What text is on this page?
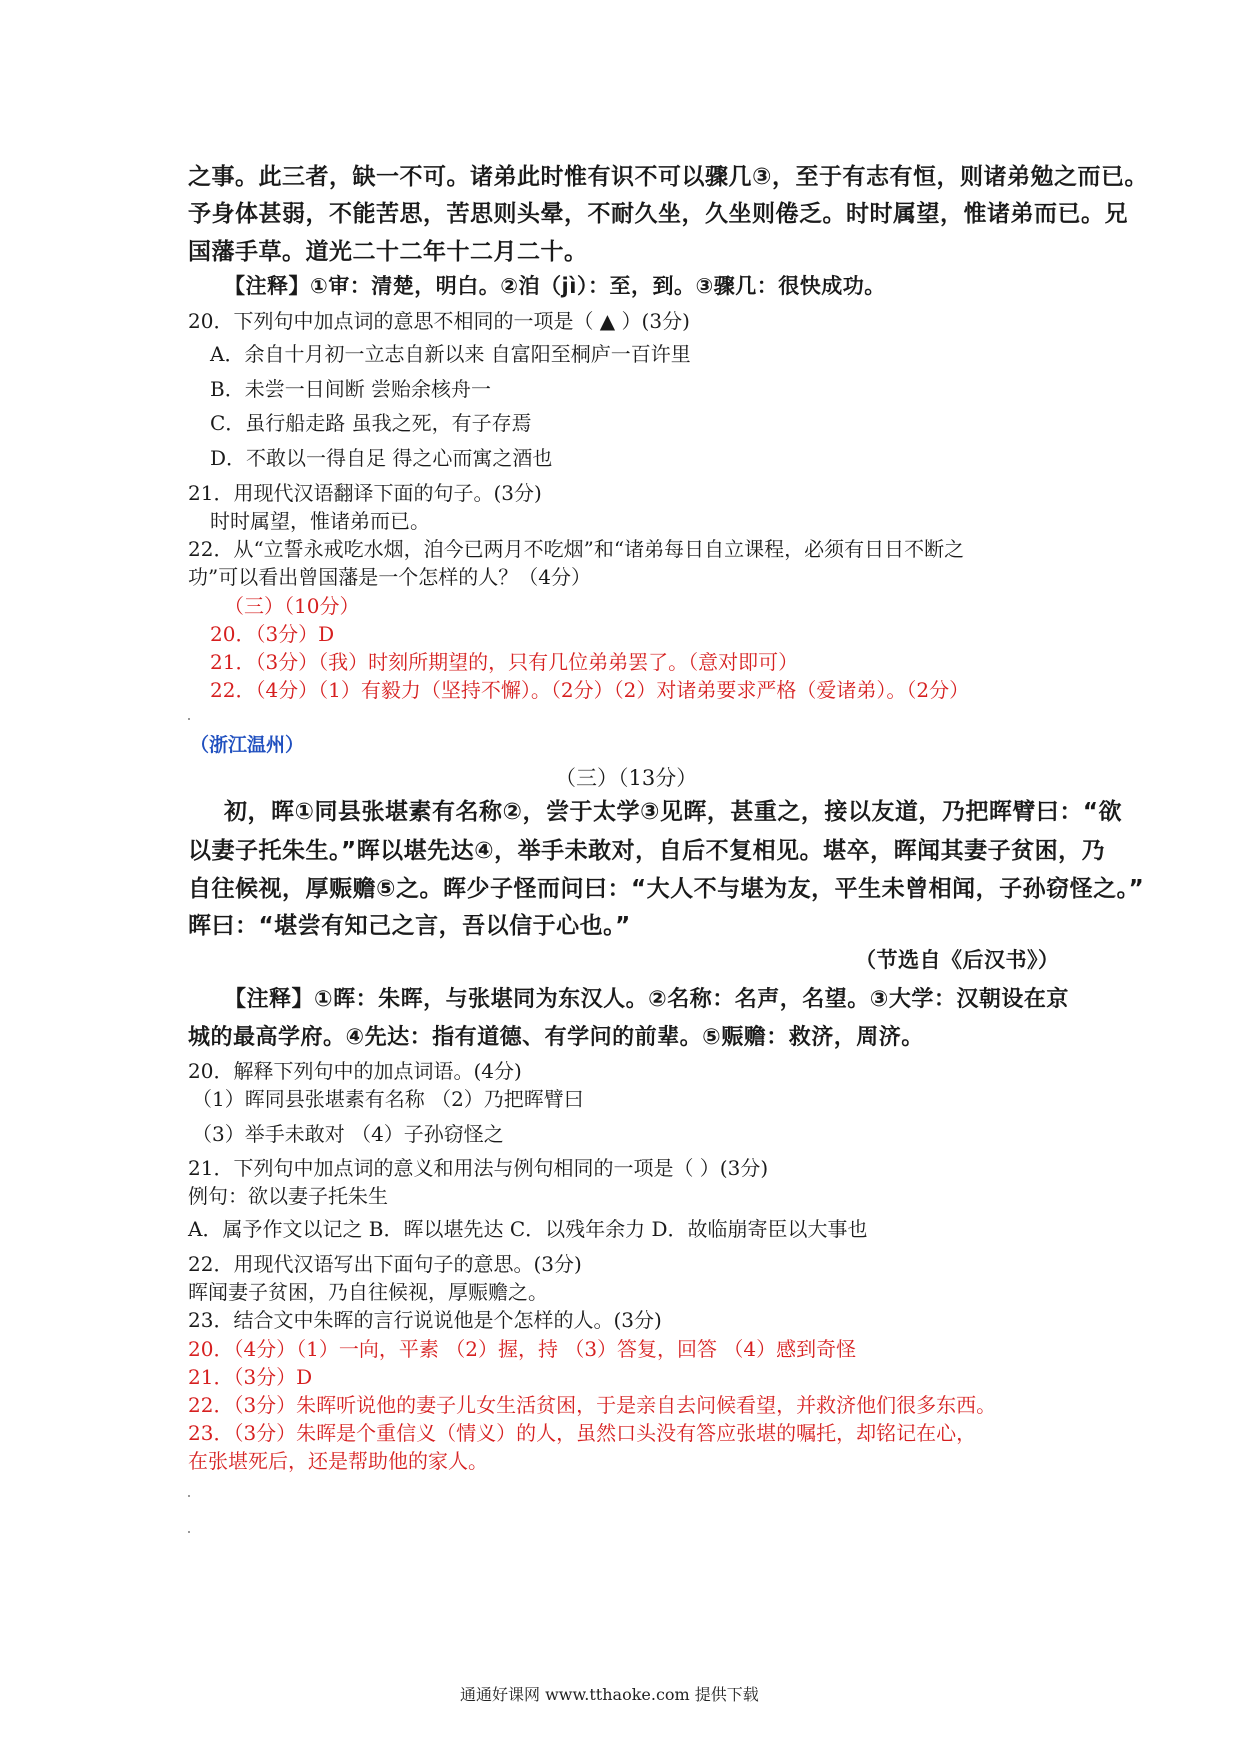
之事。此三者，缺一不可。诸弟此时惟有识不可以骤几③，至于有志有恒，则诸弟勉之而已。
予身体甚弱，不能苦思，苦思则头晕，不耐久坐，久坐则倦乏。时时属望，惟诸弟而已。兄
国藩手草。道光二十二年十二月二十。
【注释】①审：清楚，明白。②洎（jì）：至，到。③骤几：很快成功。
20．下列句中加点词的意思不相同的一项是（ ▲ ）(3分)
A．余自十月初一立志自新以来 自富阳至桐庐一百许里
B．未尝一日间断 尝贻余核舟一
C．虽行船走路 虽我之死，有子存焉
D．不敢以一得自足 得之心而寓之酒也
21．用现代汉语翻译下面的句子。(3分)
时时属望，惟诸弟而已。
22．从“立誓永戒吃水烟，洎今已两月不吃烟”和“诸弟每日自立课程，必须有日日不断之
功”可以看出曾国藩是一个怎样的人？（4分）
（三）（10分）
20．（3分）D
21．（3分）（我）时刻所期望的，只有几位弟弟罢了。（意对即可）
22．（4分）（1）有毅力（坚持不懈）。（2分）（2）对诸弟要求严格（爱诸弟）。（2分）
（浙江温州）
（三）（13分）
初，晖①同县张堪素有名称②，尝于太学③见晖，甚重之，接以友道，乃把晖臂曰：“欲
以妻子托朱生。”晖以堪先达④，举手未敢对，自后不复相见。堪卒，晖闻其妻子贫困，乃
自往候视，厚赈赡⑤之。晖少子怪而问曰：“大人不与堪为友，平生未曾相闻，子孙窃怪之。”
晖曰：“堪尝有知己之言，吾以信于心也。”
（节选自《后汉书》）
【注释】①晖：朱晖，与张堪同为东汉人。②名称：名声，名望。③大学：汉朝设在京
城的最高学府。④先达：指有道德、有学问的前辈。⑤赈赡：救济，周济。
20．解释下列句中的加点词语。(4分)
（1）晖同县张堪素有名称 （2）乃把晖臂曰
（3）举手未敢对 （4）子孙窃怪之
21．下列句中加点词的意义和用法与例句相同的一项是（ ）(3分)
例句：欲以妻子托朱生
A．属予作文以记之 B．晖以堪先达 C．以残年余力 D．故临崩寄臣以大事也
22．用现代汉语写出下面句子的意思。(3分)
晖闻妻子贫困，乃自往候视，厚赈赡之。
23．结合文中朱晖的言行说说他是个怎样的人。(3分)
20．（4分）（1）一向，平素 （2）握，持 （3）答复，回答 （4）感到奇怪
21．（3分）D
22．（3分）朱晖听说他的妻子儿女生活贫困，于是亲自去问候看望，并救济他们很多东西。
23．（3分）朱晖是个重信义（情义）的人，虽然口头没有答应张堪的嘱托，却铭记在心，
在张堪死后，还是帮助他的家人。
通通好课网 www.tthaoke.com 提供下载
